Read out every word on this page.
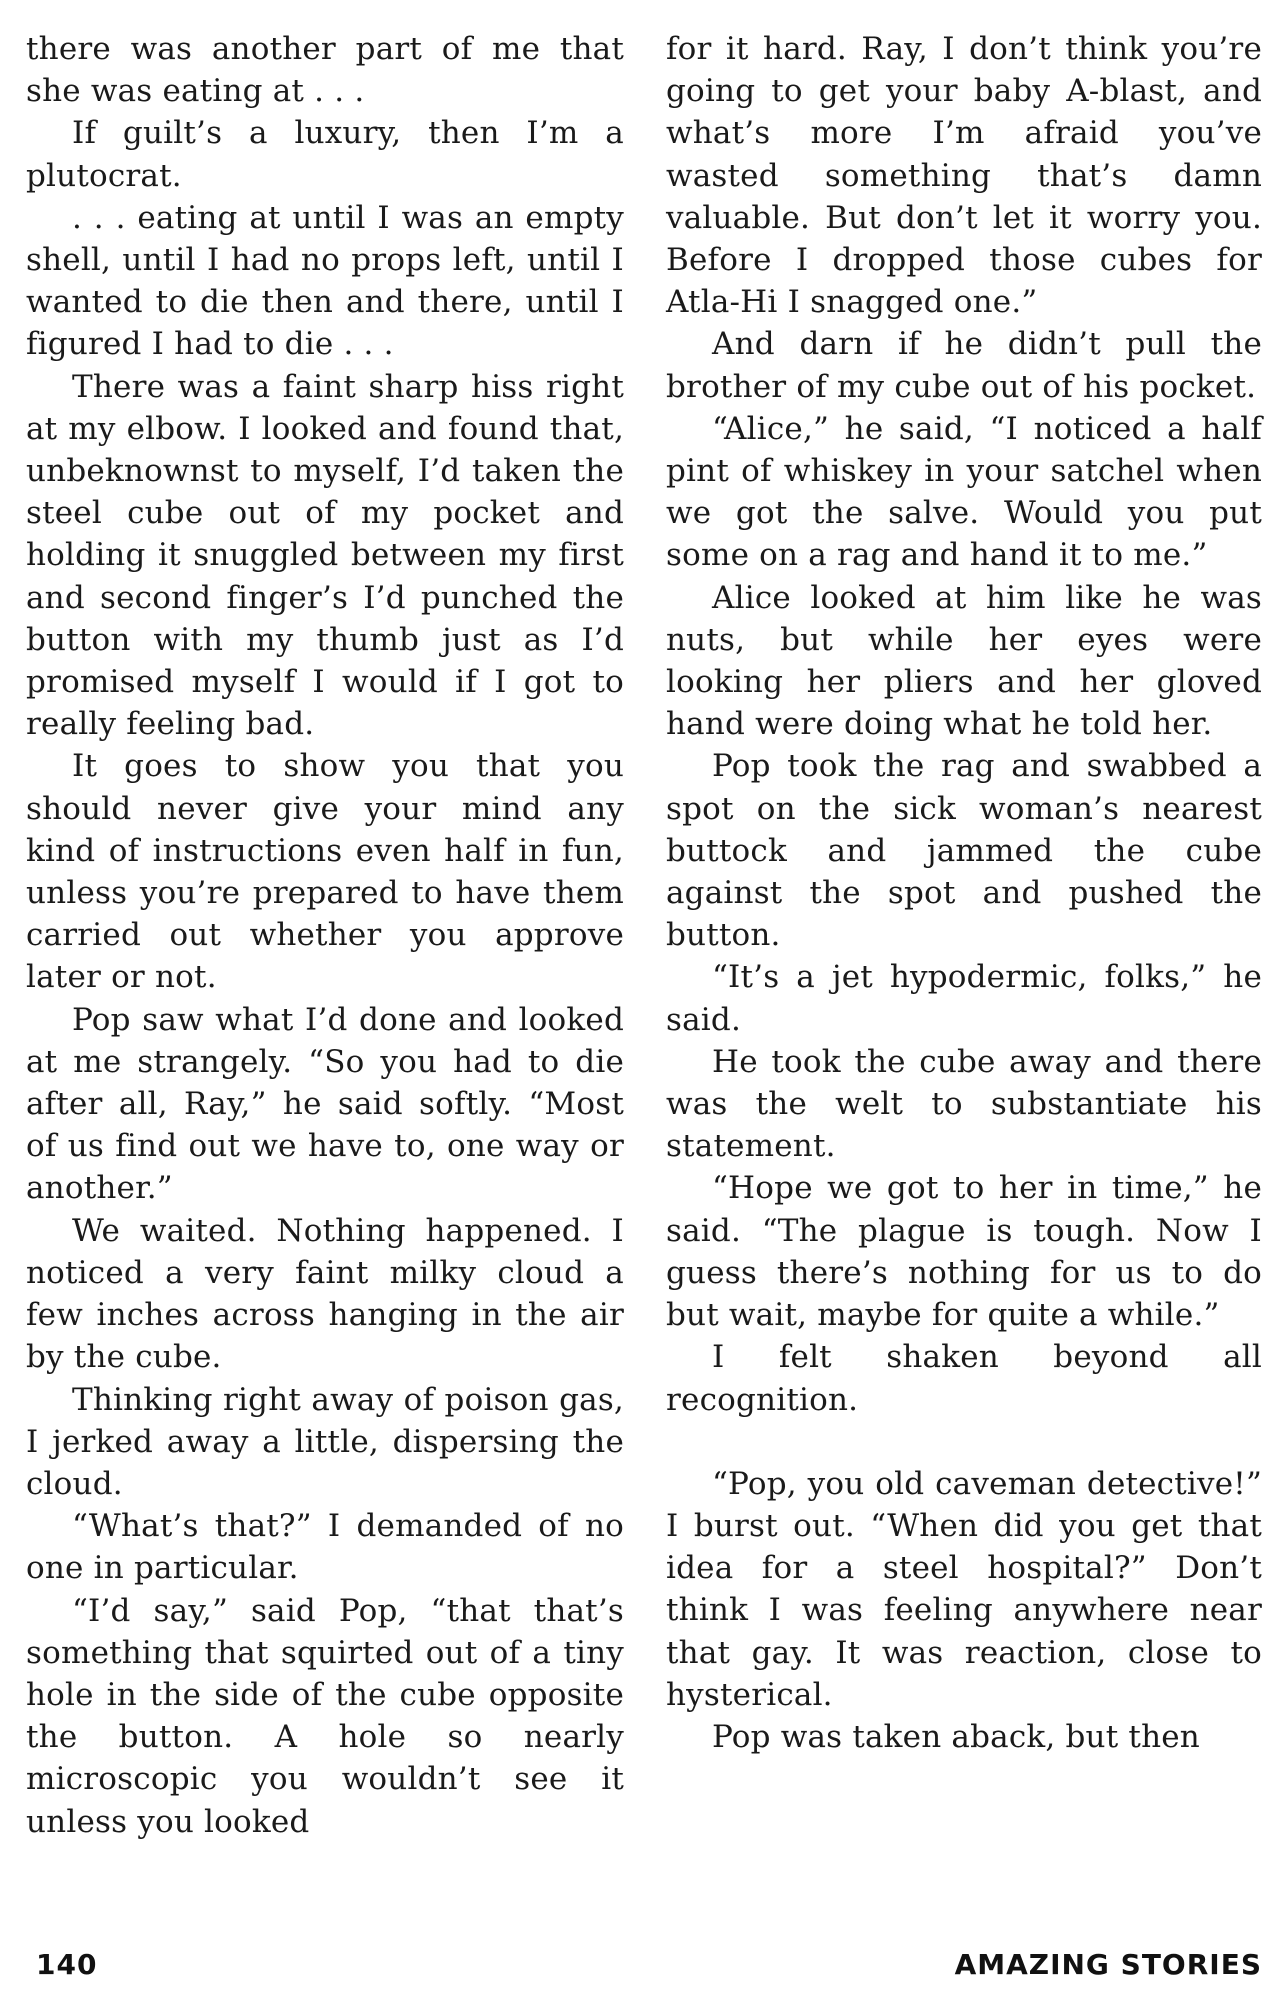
there was another part of me that she was eating at . . .

If guilt’s a luxury, then I’m a plutocrat.

. . . eating at until I was an empty shell, until I had no props left, until I wanted to die then and there, until I figured I had to die . . .

There was a faint sharp hiss right at my elbow. I looked and found that, unbeknownst to myself, I’d taken the steel cube out of my pocket and holding it snuggled between my first and second finger’s I’d punched the button with my thumb just as I’d promised myself I would if I got to really feeling bad.

It goes to show you that you should never give your mind any kind of instructions even half in fun, unless you’re prepared to have them carried out whether you approve later or not.

Pop saw what I’d done and looked at me strangely. “So you had to die after all, Ray,” he said softly. “Most of us find out we have to, one way or another.”

We waited. Nothing happened. I noticed a very faint milky cloud a few inches across hanging in the air by the cube.

Thinking right away of poison gas, I jerked away a little, dispersing the cloud.

“What’s that?” I demanded of no one in particular.

“I’d say,” said Pop, “that that’s something that squirted out of a tiny hole in the side of the cube opposite the button. A hole so nearly microscopic you wouldn’t see it unless you looked

for it hard. Ray, I don’t think you’re going to get your baby A-blast, and what’s more I’m afraid you’ve wasted something that’s damn valuable. But don’t let it worry you. Before I dropped those cubes for Atla-Hi I snagged one.”

And darn if he didn’t pull the brother of my cube out of his pocket.

“Alice,” he said, “I noticed a half pint of whiskey in your satchel when we got the salve. Would you put some on a rag and hand it to me.”

Alice looked at him like he was nuts, but while her eyes were looking her pliers and her gloved hand were doing what he told her.

Pop took the rag and swabbed a spot on the sick woman’s nearest buttock and jammed the cube against the spot and pushed the button.

“It’s a jet hypodermic, folks,” he said.

He took the cube away and there was the welt to substantiate his statement.

“Hope we got to her in time,” he said. “The plague is tough. Now I guess there’s nothing for us to do but wait, maybe for quite a while.”

I felt shaken beyond all recognition.

“Pop, you old caveman detective!” I burst out. “When did you get that idea for a steel hospital?” Don’t think I was feeling anywhere near that gay. It was reaction, close to hysterical.

Pop was taken aback, but then

140	AMAZING STORIES
